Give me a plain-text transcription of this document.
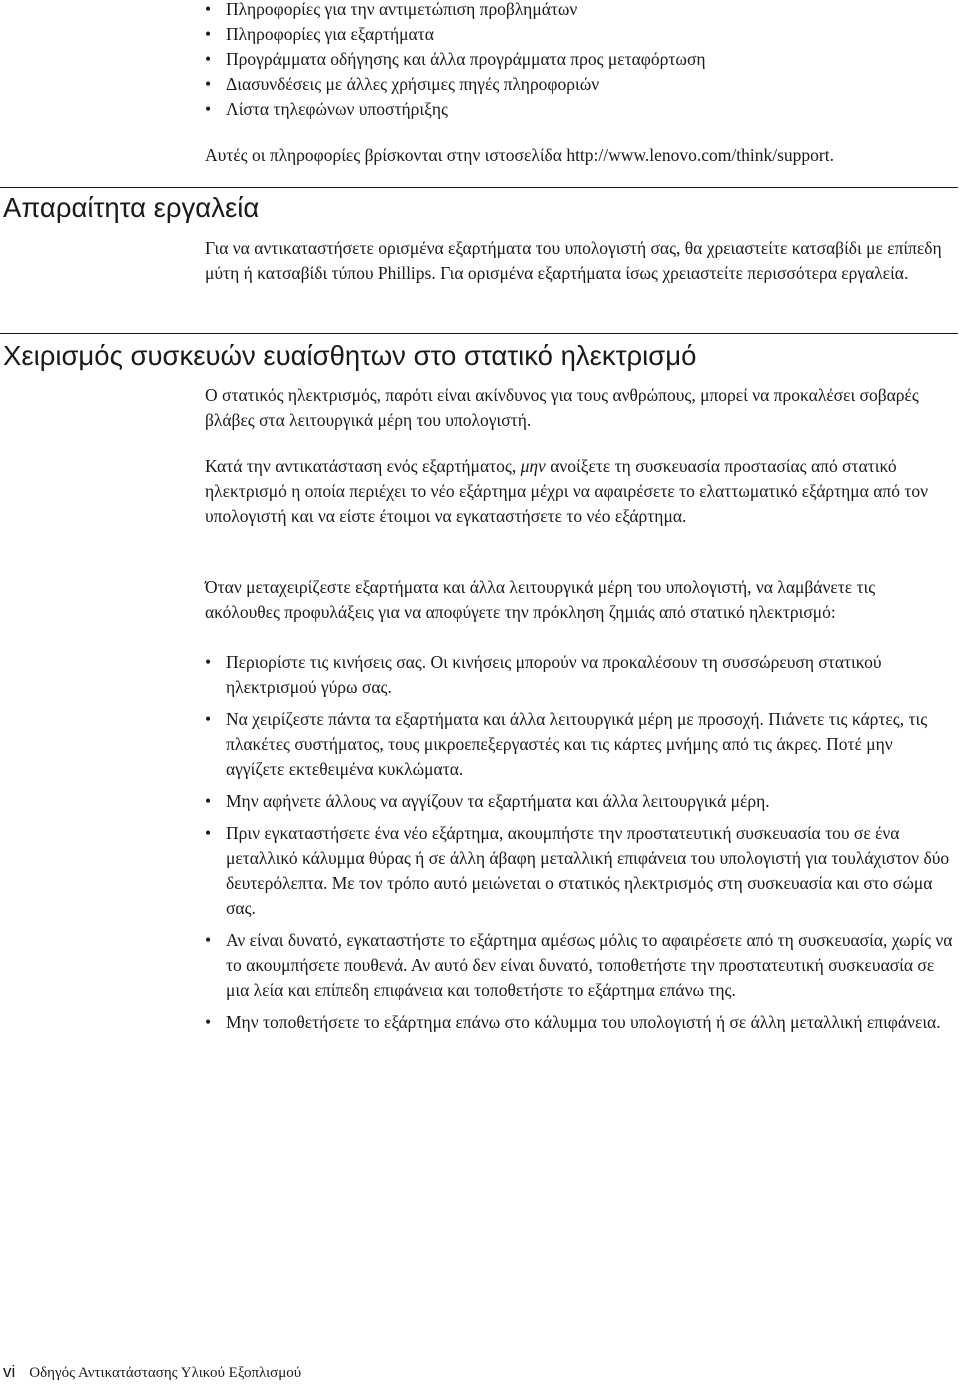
• Πληροφορίες για την αντιμετώπιση προβλημάτων
• Πληροφορίες για εξαρτήματα
• Προγράμματα οδήγησης και άλλα προγράμματα προς μεταφόρτωση
• Διασυνδέσεις με άλλες χρήσιμες πηγές πληροφοριών
• Λίστα τηλεφώνων υποστήριξης

Αυτές οι πληροφορίες βρίσκονται στην ιστοσελίδα http://www.lenovo.com/think/support.

Απαραίτητα εργαλεία

Για να αντικαταστήσετε ορισμένα εξαρτήματα του υπολογιστή σας, θα χρειαστείτε κατσαβίδι με επίπεδη μύτη ή κατσαβίδι τύπου Phillips. Για ορισμένα εξαρτήματα ίσως χρειαστείτε περισσότερα εργαλεία.

Χειρισμός συσκευών ευαίσθητων στο στατικό ηλεκτρισμό

Ο στατικός ηλεκτρισμός, παρότι είναι ακίνδυνος για τους ανθρώπους, μπορεί να προκαλέσει σοβαρές βλάβες στα λειτουργικά μέρη του υπολογιστή.

Κατά την αντικατάσταση ενός εξαρτήματος, μην ανοίξετε τη συσκευασία προστασίας από στατικό ηλεκτρισμό η οποία περιέχει το νέο εξάρτημα μέχρι να αφαιρέσετε το ελαττωματικό εξάρτημα από τον υπολογιστή και να είστε έτοιμοι να εγκαταστήσετε το νέο εξάρτημα.

Όταν μεταχειρίζεστε εξαρτήματα και άλλα λειτουργικά μέρη του υπολογιστή, να λαμβάνετε τις ακόλουθες προφυλάξεις για να αποφύγετε την πρόκληση ζημιάς από στατικό ηλεκτρισμό:

• Περιορίστε τις κινήσεις σας. Οι κινήσεις μπορούν να προκαλέσουν τη συσσώρευση στατικού ηλεκτρισμού γύρω σας.
• Να χειρίζεστε πάντα τα εξαρτήματα και άλλα λειτουργικά μέρη με προσοχή. Πιάνετε τις κάρτες, τις πλακέτες συστήματος, τους μικροεπεξεργαστές και τις κάρτες μνήμης από τις άκρες. Ποτέ μην αγγίζετε εκτεθειμένα κυκλώματα.
• Μην αφήνετε άλλους να αγγίζουν τα εξαρτήματα και άλλα λειτουργικά μέρη.
• Πριν εγκαταστήσετε ένα νέο εξάρτημα, ακουμπήστε την προστατευτική συσκευασία του σε ένα μεταλλικό κάλυμμα θύρας ή σε άλλη άβαφη μεταλλική επιφάνεια του υπολογιστή για τουλάχιστον δύο δευτερόλεπτα. Με τον τρόπο αυτό μειώνεται ο στατικός ηλεκτρισμός στη συσκευασία και στο σώμα σας.
• Αν είναι δυνατό, εγκαταστήστε το εξάρτημα αμέσως μόλις το αφαιρέσετε από τη συσκευασία, χωρίς να το ακουμπήσετε πουθενά. Αν αυτό δεν είναι δυνατό, τοποθετήστε την προστατευτική συσκευασία σε μια λεία και επίπεδη επιφάνεια και τοποθετήστε το εξάρτημα επάνω της.
• Μην τοποθετήσετε το εξάρτημα επάνω στο κάλυμμα του υπολογιστή ή σε άλλη μεταλλική επιφάνεια.

vi Οδηγός Αντικατάστασης Υλικού Εξοπλισμού
